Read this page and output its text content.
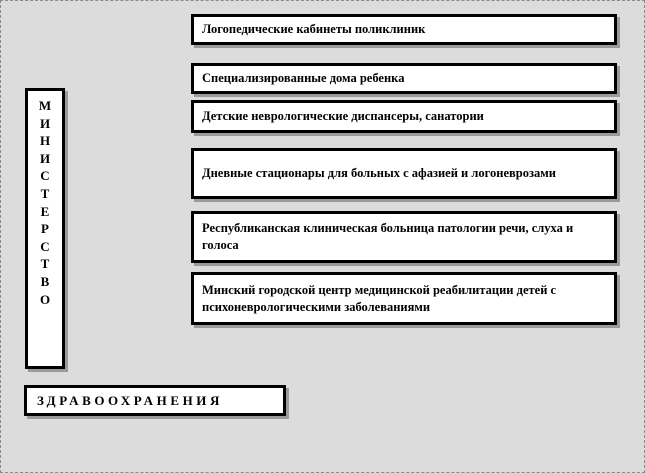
М
И
Н
И
С
Т
Е
Р
С
Т
В
О
ЗДРАВООХРАНЕНИЯ
Логопедические кабинеты поликлиник
Специализированные дома ребенка
Детские неврологические диспансеры, санатории
Дневные стационары для больных с афазией и логоневрозами
Республиканская клиническая больница патологии речи, слуха и голоса
Минский городской центр медицинской реабилитации детей с психоневрологическими заболеваниями
